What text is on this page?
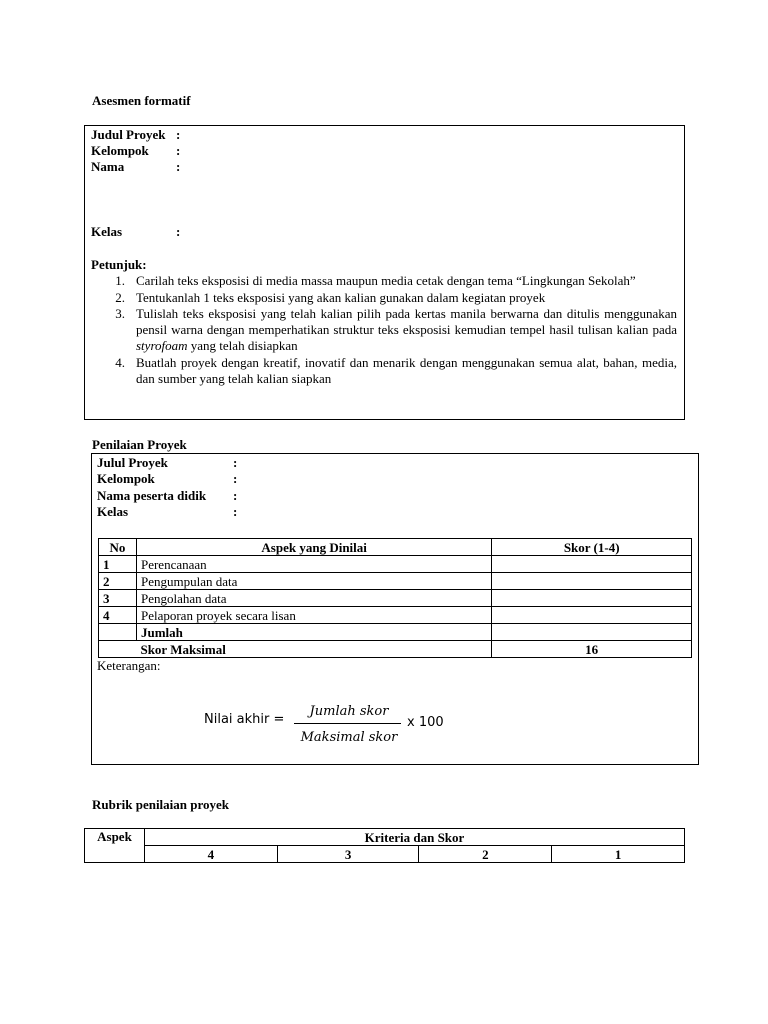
Asesmen formatif
Judul Proyek :
Kelompok :
Nama	:
Kelas	:
Petunjuk:
1. Carilah teks eksposisi di media massa maupun media cetak dengan tema “Lingkungan Sekolah”
2. Tentukanlah 1 teks eksposisi yang akan kalian gunakan dalam kegiatan proyek
3. Tulislah teks eksposisi yang telah kalian pilih pada kertas manila berwarna dan ditulis menggunakan pensil warna dengan memperhatikan struktur teks eksposisi kemudian tempel hasil tulisan kalian pada styrofoam yang telah disiapkan
4. Buatlah proyek dengan kreatif, inovatif dan menarik dengan menggunakan semua alat, bahan, media, dan sumber yang telah kalian siapkan
Penilaian Proyek
Julul Proyek	:
Kelompok	:
Nama peserta didik :
Kelas	:
No	Aspek yang Dinilai	Skor (1-4)
1	Perencanaan	
2	Pengumpulan data	
3	Pengolahan data	
4	Pelaporan proyek secara lisan	
	Jumlah	
	Skor Maksimal	16
Keterangan:
Nilai akhir =
Jumlah skor
Maksimal skor
x 100
Rubrik penilaian proyek
Aspek	Kriteria dan Skor			
	4	3	2	1
